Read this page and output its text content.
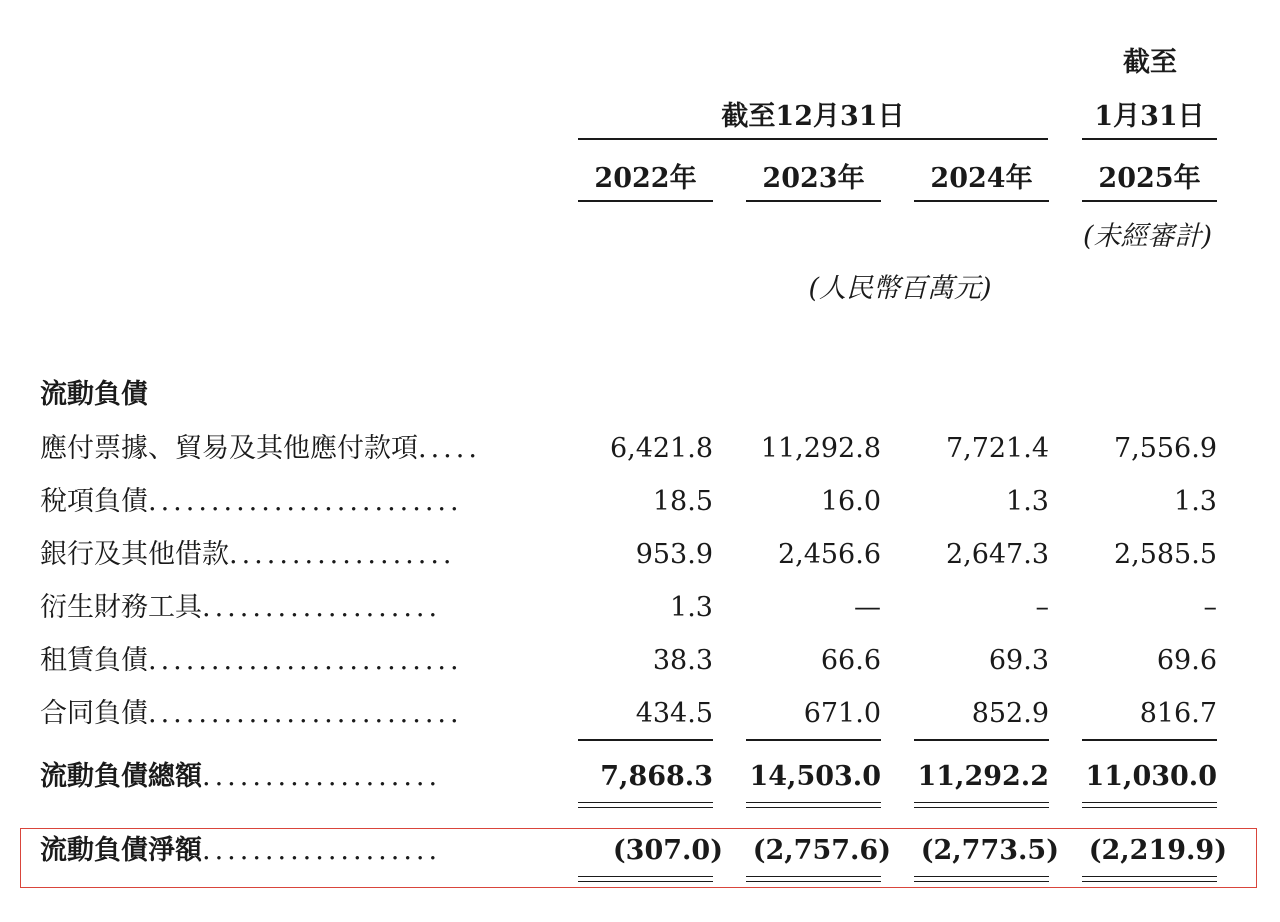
截至
截至12月31日	1月31日
2022年	2023年	2024年	2025年
(未經審計)
(人民幣百萬元)
流動負債
應付票據、貿易及其他應付款項.....	6,421.8	11,292.8	7,721.4	7,556.9
稅項負債.........................	18.5	16.0	1.3	1.3
銀行及其他借款..................	953.9	2,456.6	2,647.3	2,585.5
衍生財務工具...................	1.3	—	–	–
租賃負債.........................	38.3	66.6	69.3	69.6
合同負債.........................	434.5	671.0	852.9	816.7
流動負債總額...................	7,868.3	14,503.0	11,292.2	11,030.0
流動負債淨額...................	(307.0)	(2,757.6)	(2,773.5)	(2,219.9)
